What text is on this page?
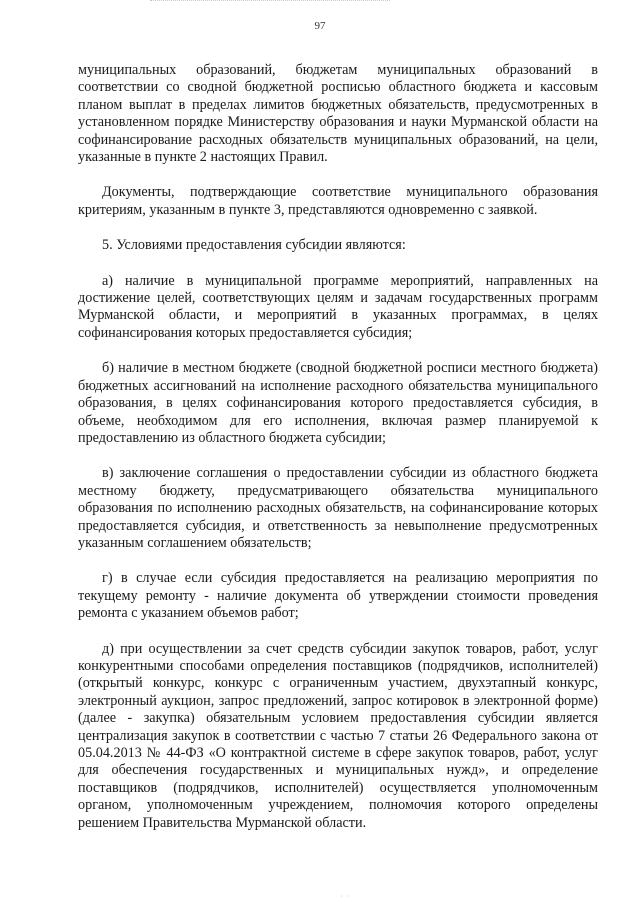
97

муниципальных образований, бюджетам муниципальных образований в соответствии со сводной бюджетной росписью областного бюджета и кассовым планом выплат в пределах лимитов бюджетных обязательств, предусмотренных в установленном порядке Министерству образования и науки Мурманской области на софинансирование расходных обязательств муниципальных образований, на цели, указанные в пункте 2 настоящих Правил.

Документы, подтверждающие соответствие муниципального образования критериям, указанным в пункте 3, представляются одновременно с заявкой.

5. Условиями предоставления субсидии являются:

а) наличие в муниципальной программе мероприятий, направленных на достижение целей, соответствующих целям и задачам государственных программ Мурманской области, и мероприятий в указанных программах, в целях софинансирования которых предоставляется субсидия;

б) наличие в местном бюджете (сводной бюджетной росписи местного бюджета) бюджетных ассигнований на исполнение расходного обязательства муниципального образования, в целях софинансирования которого предоставляется субсидия, в объеме, необходимом для его исполнения, включая размер планируемой к предоставлению из областного бюджета субсидии;

в) заключение соглашения о предоставлении субсидии из областного бюджета местному бюджету, предусматривающего обязательства муниципального образования по исполнению расходных обязательств, на софинансирование которых предоставляется субсидия, и ответственность за невыполнение предусмотренных указанным соглашением обязательств;

г) в случае если субсидия предоставляется на реализацию мероприятия по текущему ремонту - наличие документа об утверждении стоимости проведения ремонта с указанием объемов работ;

д) при осуществлении за счет средств субсидии закупок товаров, работ, услуг конкурентными способами определения поставщиков (подрядчиков, исполнителей) (открытый конкурс, конкурс с ограниченным участием, двухэтапный конкурс, электронный аукцион, запрос предложений, запрос котировок в электронной форме) (далее - закупка) обязательным условием предоставления субсидии является централизация закупок в соответствии с частью 7 статьи 26 Федерального закона от 05.04.2013 № 44-ФЗ «О контрактной системе в сфере закупок товаров, работ, услуг для обеспечения государственных и муниципальных нужд», и определение поставщиков (подрядчиков, исполнителей) осуществляется уполномоченным органом, уполномоченным учреждением, полномочия которого определены решением Правительства Мурманской области.

· ·
